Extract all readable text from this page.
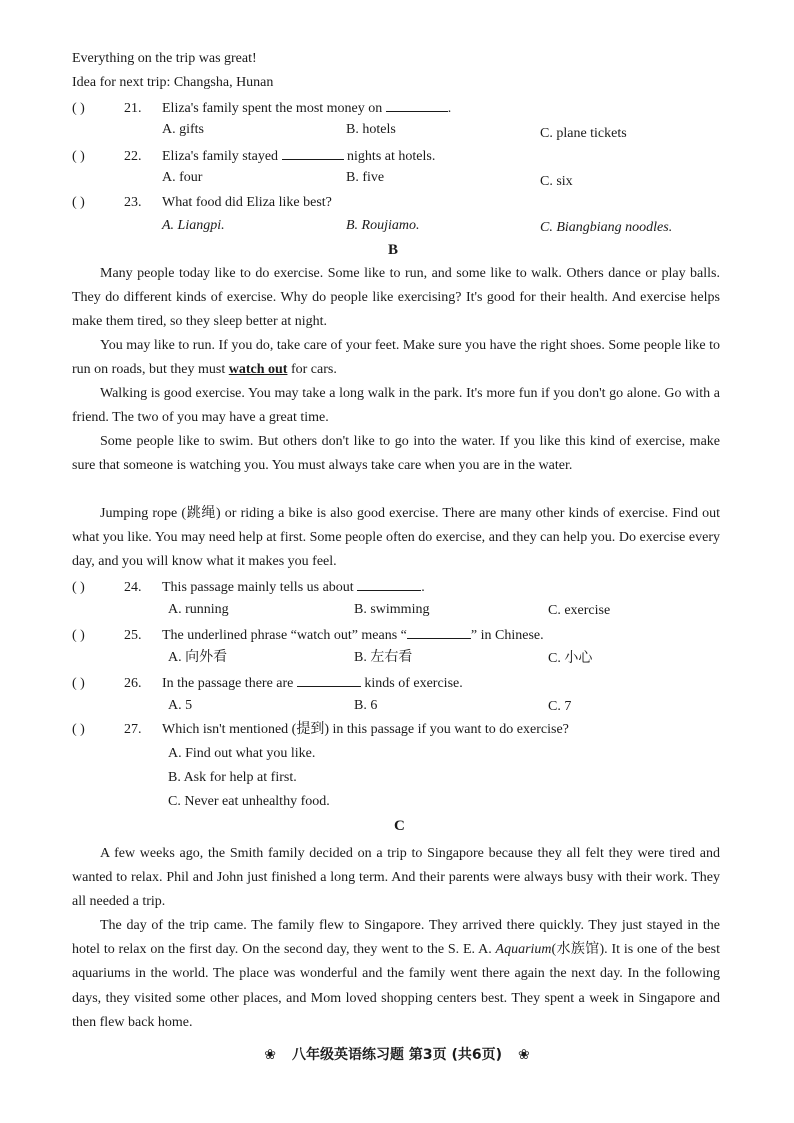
Everything on the trip was great!
Idea for next trip: Changsha, Hunan
( )	21. Eliza's family spent the most money on	.
A. gifts	B. hotels	C. plane tickets
( )	22. Eliza's family stayed	nights at hotels.
A. four	B. five	C. six
( )	23. What food did Eliza like best?
A. Liangpi.	B. Roujiamo.	C. Biangbiang noodles.
B
Many people today like to do exercise. Some like to run, and some like to walk. Others dance or play balls. They do different kinds of exercise. Why do people like exercising? It's good for their health. And exercise helps make them tired, so they sleep better at night.
You may like to run. If you do, take care of your feet. Make sure you have the right shoes. Some people like to run on roads, but they must watch out for cars.
Walking is good exercise. You may take a long walk in the park. It's more fun if you don't go alone. Go with a friend. The two of you may have a great time.
Some people like to swim. But others don't like to go into the water. If you like this kind of exercise, make sure that someone is watching you. You must always take care when you are in the water.
Jumping rope (跳绳) or riding a bike is also good exercise. There are many other kinds of exercise. Find out what you like. You may need help at first. Some people often do exercise, and they can help you. Do exercise every day, and you will know what it makes you feel.
( )	24. This passage mainly tells us about	.
A. running	B. swimming	C. exercise
( )	25. The underlined phrase “watch out” means “	” in Chinese.
A. 向外看	B. 左右看	C. 小心
( )	26. In the passage there are	kinds of exercise.
A. 5	B. 6	C. 7
( )	27. Which isn't mentioned (提到) in this passage if you want to do exercise?
A. Find out what you like.
B. Ask for help at first.
C. Never eat unhealthy food.
C
A few weeks ago, the Smith family decided on a trip to Singapore because they all felt they were tired and wanted to relax. Phil and John just finished a long term. And their parents were always busy with their work. They all needed a trip.
The day of the trip came. The family flew to Singapore. They arrived there quickly. They just stayed in the hotel to relax on the first day. On the second day, they went to the S. E. A. Aquarium(水族馆). It is one of the best aquariums in the world. The place was wonderful and the family went there again the next day. In the following days, they visited some other places, and Mom loved shopping centers best. They spent a week in Singapore and then flew back home.
❀ 八年级英语练习题 第3页 (共6页) ❀
